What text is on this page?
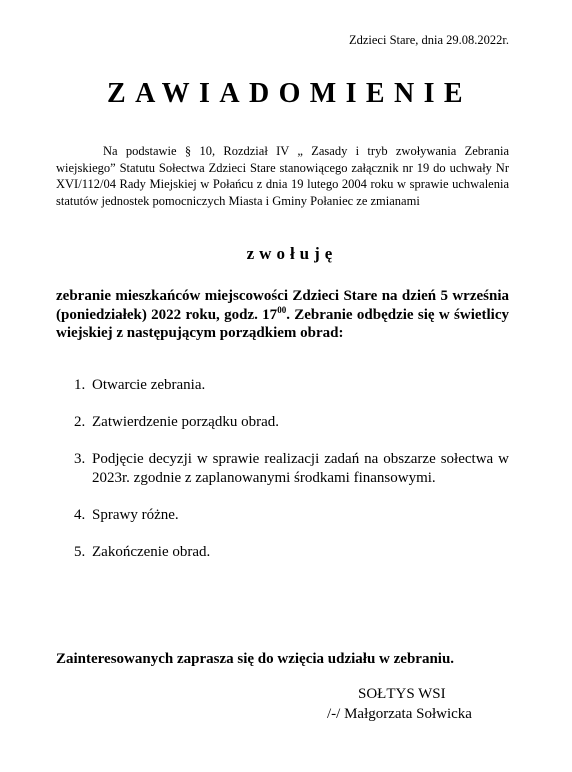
Zdzieci Stare, dnia 29.08.2022r.
ZAWIADOMIENIE

Na podstawie § 10, Rozdział IV „ Zasady i tryb zwoływania Zebrania wiejskiego” Statutu Sołectwa Zdzieci Stare stanowiącego załącznik nr 19 do uchwały Nr XVI/112/04 Rady Miejskiej w Połańcu z dnia 19 lutego 2004 roku w sprawie uchwalenia statutów jednostek pomocniczych Miasta i Gminy Połaniec ze zmianami

zwołuję

zebranie mieszkańców miejscowości Zdzieci Stare na dzień 5 września (poniedziałek) 2022 roku, godz. $17^{00}$. Zebranie odbędzie się w świetlicy wiejskiej z następującym porządkiem obrad:

1. Otwarcie zebrania.
2. Zatwierdzenie porządku obrad.
3. Podjęcie decyzji w sprawie realizacji zadań na obszarze sołectwa w 2023r. zgodnie z zaplanowanymi środkami finansowymi.
4. Sprawy różne.
5. Zakończenie obrad.
Zainteresowanych zaprasza się do wzięcia udziału w zebraniu.
SOŁTYS WSI
/-/ Małgorzata Sołwicka
